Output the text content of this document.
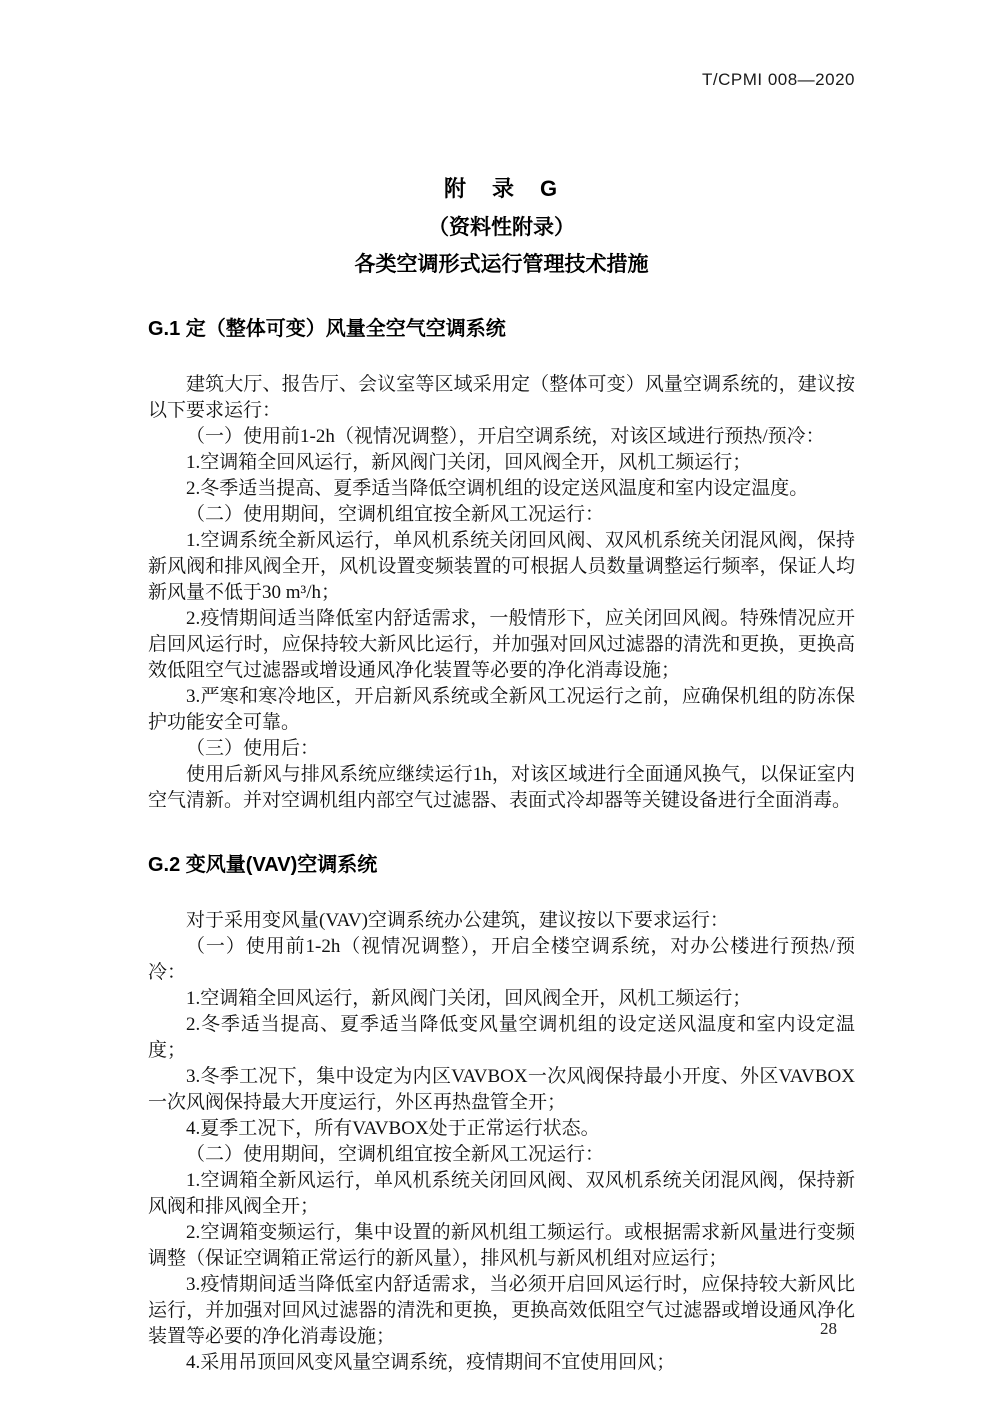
T/CPMI 008—2020
附　录　G
（资料性附录）
各类空调形式运行管理技术措施
G.1 定（整体可变）风量全空气空调系统

建筑大厅、报告厅、会议室等区域采用定（整体可变）风量空调系统的，建议按以下要求运行：

（一）使用前1-2h（视情况调整），开启空调系统，对该区域进行预热/预冷：

1.空调箱全回风运行，新风阀门关闭，回风阀全开，风机工频运行；

2.冬季适当提高、夏季适当降低空调机组的设定送风温度和室内设定温度。

（二）使用期间，空调机组宜按全新风工况运行：

1.空调系统全新风运行，单风机系统关闭回风阀、双风机系统关闭混风阀，保持新风阀和排风阀全开，风机设置变频装置的可根据人员数量调整运行频率，保证人均新风量不低于30 m³/h；

2.疫情期间适当降低室内舒适需求，一般情形下，应关闭回风阀。特殊情况应开启回风运行时，应保持较大新风比运行，并加强对回风过滤器的清洗和更换，更换高效低阻空气过滤器或增设通风净化装置等必要的净化消毒设施；

3.严寒和寒冷地区，开启新风系统或全新风工况运行之前，应确保机组的防冻保护功能安全可靠。

（三）使用后：

使用后新风与排风系统应继续运行1h，对该区域进行全面通风换气，以保证室内空气清新。并对空调机组内部空气过滤器、表面式冷却器等关键设备进行全面消毒。

G.2 变风量(VAV)空调系统

对于采用变风量(VAV)空调系统办公建筑，建议按以下要求运行：

（一）使用前1-2h（视情况调整），开启全楼空调系统，对办公楼进行预热/预冷：

1.空调箱全回风运行，新风阀门关闭，回风阀全开，风机工频运行；

2.冬季适当提高、夏季适当降低变风量空调机组的设定送风温度和室内设定温度；

3.冬季工况下，集中设定为内区VAVBOX一次风阀保持最小开度、外区VAVBOX一次风阀保持最大开度运行，外区再热盘管全开；

4.夏季工况下，所有VAVBOX处于正常运行状态。

（二）使用期间，空调机组宜按全新风工况运行：

1.空调箱全新风运行，单风机系统关闭回风阀、双风机系统关闭混风阀，保持新风阀和排风阀全开；

2.空调箱变频运行，集中设置的新风机组工频运行。或根据需求新风量进行变频调整（保证空调箱正常运行的新风量），排风机与新风机组对应运行；

3.疫情期间适当降低室内舒适需求，当必须开启回风运行时，应保持较大新风比运行，并加强对回风过滤器的清洗和更换，更换高效低阻空气过滤器或增设通风净化装置等必要的净化消毒设施；

4.采用吊顶回风变风量空调系统，疫情期间不宜使用回风；

28
